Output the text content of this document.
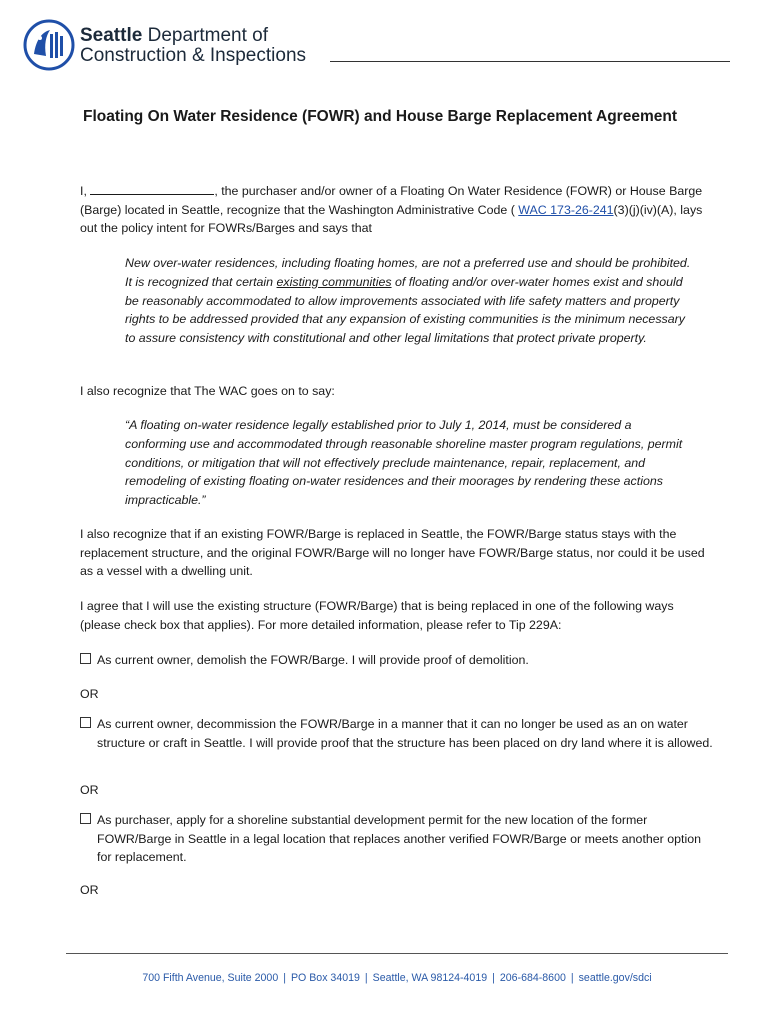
Seattle Department of
Construction & Inspections
Floating On Water Residence (FOWR) and House Barge Replacement Agreement

I,	, the purchaser and/or owner of a Floating On Water Residence (FOWR) or House Barge (Barge) located in Seattle, recognize that the Washington Administrative Code ( WAC 173-26-241(3)(j)(iv)(A), lays out the policy intent for FOWRs/Barges and says that

New over-water residences, including floating homes, are not a preferred use and should be prohibited. It is recognized that certain existing communities of floating and/or over-water homes exist and should be reasonably accommodated to allow improvements associated with life safety matters and property rights to be addressed provided that any expansion of existing communities is the minimum necessary to assure consistency with constitutional and other legal limitations that protect private property.

I also recognize that The WAC goes on to say:

“A floating on-water residence legally established prior to July 1, 2014, must be considered a conforming use and accommodated through reasonable shoreline master program regulations, permit conditions, or mitigation that will not effectively preclude maintenance, repair, replacement, and remodeling of existing floating on-water residences and their moorages by rendering these actions impracticable.”

I also recognize that if an existing FOWR/Barge is replaced in Seattle, the FOWR/Barge status stays with the replacement structure, and the original FOWR/Barge will no longer have FOWR/Barge status, nor could it be used as a vessel with a dwelling unit.

I agree that I will use the existing structure (FOWR/Barge) that is being replaced in one of the following ways (please check box that applies). For more detailed information, please refer to Tip 229A:

As current owner, demolish the FOWR/Barge. I will provide proof of demolition.

OR

As current owner, decommission the FOWR/Barge in a manner that it can no longer be used as an on water structure or craft in Seattle. I will provide proof that the structure has been placed on dry land where it is allowed.

OR

As purchaser, apply for a shoreline substantial development permit for the new location of the former FOWR/Barge in Seattle in a legal location that replaces another verified FOWR/Barge or meets another option for replacement.

OR
700 Fifth Avenue, Suite 2000 | PO Box 34019 | Seattle, WA 98124-4019 | 206-684-8600 | seattle.gov/sdci
